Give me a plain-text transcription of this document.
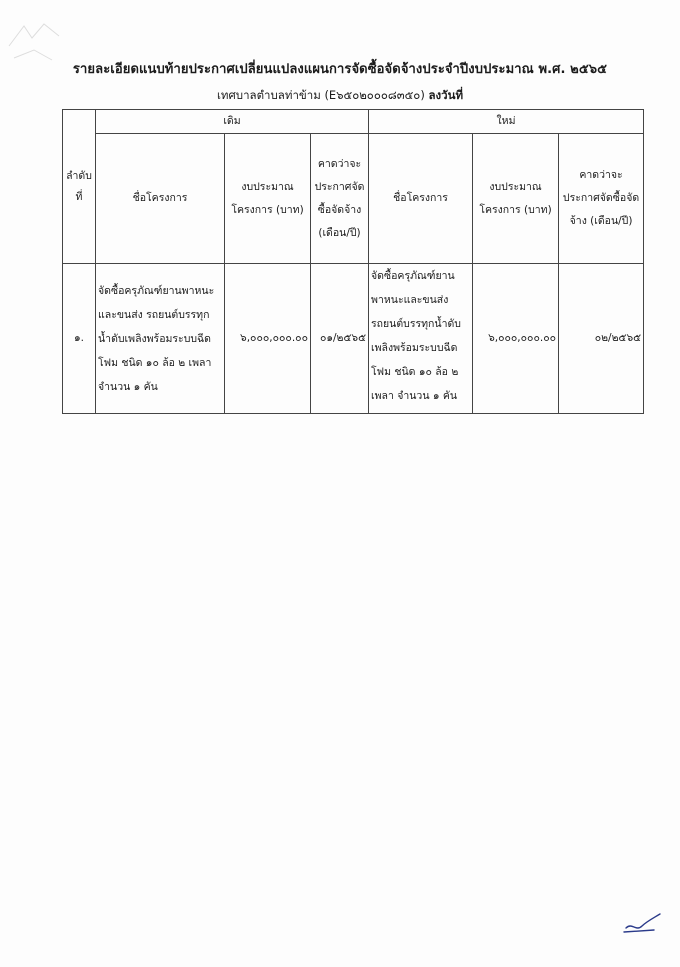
รายละเอียดแนบท้ายประกาศเปลี่ยนแปลงแผนการจัดซื้อจัดจ้างประจำปีงบประมาณ พ.ศ. ๒๕๖๕
เทศบาลตำบลท่าข้าม (E๖๕๐๒๐๐๐๘๓๕๐) ลงวันที่
ลำดับที่	เดิม			ใหม่		
	ชื่อโครงการ	งบประมาณโครงการ (บาท)	คาดว่าจะประกาศจัดซื้อจัดจ้าง (เดือน/ปี)	ชื่อโครงการ	งบประมาณโครงการ (บาท)	คาดว่าจะประกาศจัดซื้อจัดจ้าง (เดือน/ปี)
๑.	จัดซื้อครุภัณฑ์ยานพาหนะและขนส่ง รถยนต์บรรทุกน้ำดับเพลิงพร้อมระบบฉีดโฟม ชนิด ๑๐ ล้อ ๒ เพลา จำนวน ๑ คัน	๖,๐๐๐,๐๐๐.๐๐	๐๑/๒๕๖๕	จัดซื้อครุภัณฑ์ยานพาหนะและขนส่ง รถยนต์บรรทุกน้ำดับเพลิงพร้อมระบบฉีดโฟม ชนิด ๑๐ ล้อ ๒ เพลา จำนวน ๑ คัน	๖,๐๐๐,๐๐๐.๐๐	๐๒/๒๕๖๕
